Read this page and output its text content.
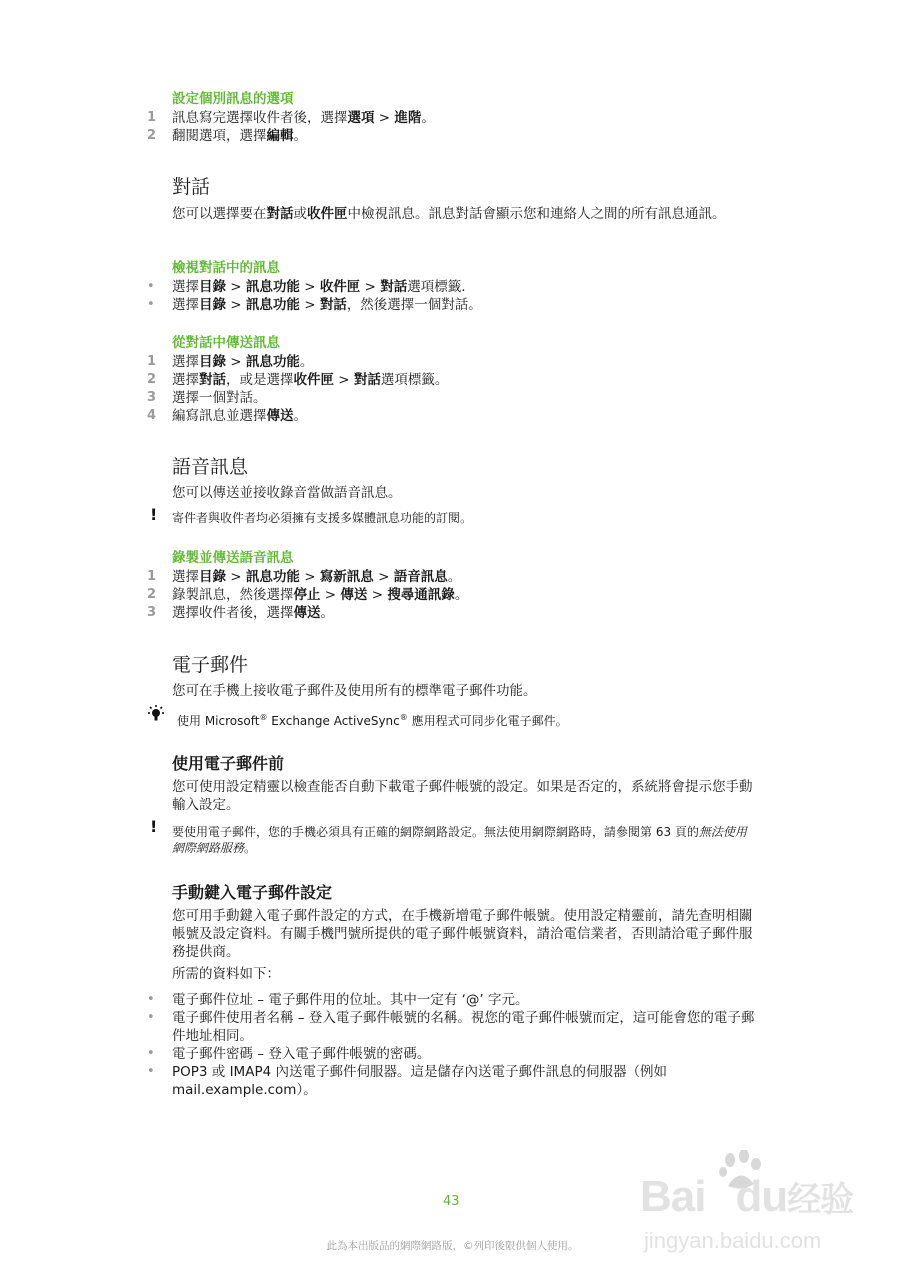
設定個別訊息的選項
1	訊息寫完選擇收件者後，選擇選項 > 進階。
2	翻閱選項，選擇編輯。
對話
您可以選擇要在對話或收件匣中檢視訊息。訊息對話會顯示您和連絡人之間的所有訊息通訊。
檢視對話中的訊息
•	選擇目錄 > 訊息功能 > 收件匣 > 對話選項標籤.
•	選擇目錄 > 訊息功能 > 對話，然後選擇一個對話。
從對話中傳送訊息
1	選擇目錄 > 訊息功能。
2	選擇對話，或是選擇收件匣 > 對話選項標籤。
3	選擇一個對話。
4	編寫訊息並選擇傳送。
語音訊息
您可以傳送並接收錄音當做語音訊息。
! 寄件者與收件者均必須擁有支援多媒體訊息功能的訂閱。
錄製並傳送語音訊息
1	選擇目錄 > 訊息功能 > 寫新訊息 > 語音訊息。
2	錄製訊息，然後選擇停止 > 傳送 > 搜尋通訊錄。
3	選擇收件者後，選擇傳送。
電子郵件
您可在手機上接收電子郵件及使用所有的標準電子郵件功能。
使用 Microsoft® Exchange ActiveSync® 應用程式可同步化電子郵件。
使用電子郵件前
您可使用設定精靈以檢查能否自動下載電子郵件帳號的設定。如果是否定的，系統將會提示您手動輸入設定。
! 要使用電子郵件，您的手機必須具有正確的網際網路設定。無法使用網際網路時，請參閱第 63 頁的無法使用網際網路服務。
手動鍵入電子郵件設定
您可用手動鍵入電子郵件設定的方式，在手機新增電子郵件帳號。使用設定精靈前，請先查明相關帳號及設定資料。有關手機門號所提供的電子郵件帳號資料，請洽電信業者，否則請洽電子郵件服務提供商。
所需的資料如下：
•	電子郵件位址 – 電子郵件用的位址。其中一定有 ‘@’ 字元。
•	電子郵件使用者名稱 – 登入電子郵件帳號的名稱。視您的電子郵件帳號而定，這可能會您的電子郵件地址相同。
•	電子郵件密碼 – 登入電子郵件帳號的密碼。
•	POP3 或 IMAP4 內送電子郵件伺服器。這是儲存內送電子郵件訊息的伺服器（例如 mail.example.com）。
43
此為本出版品的網際網路版，©列印後限供個人使用。
Bai du经验
jingyan.baidu.com
